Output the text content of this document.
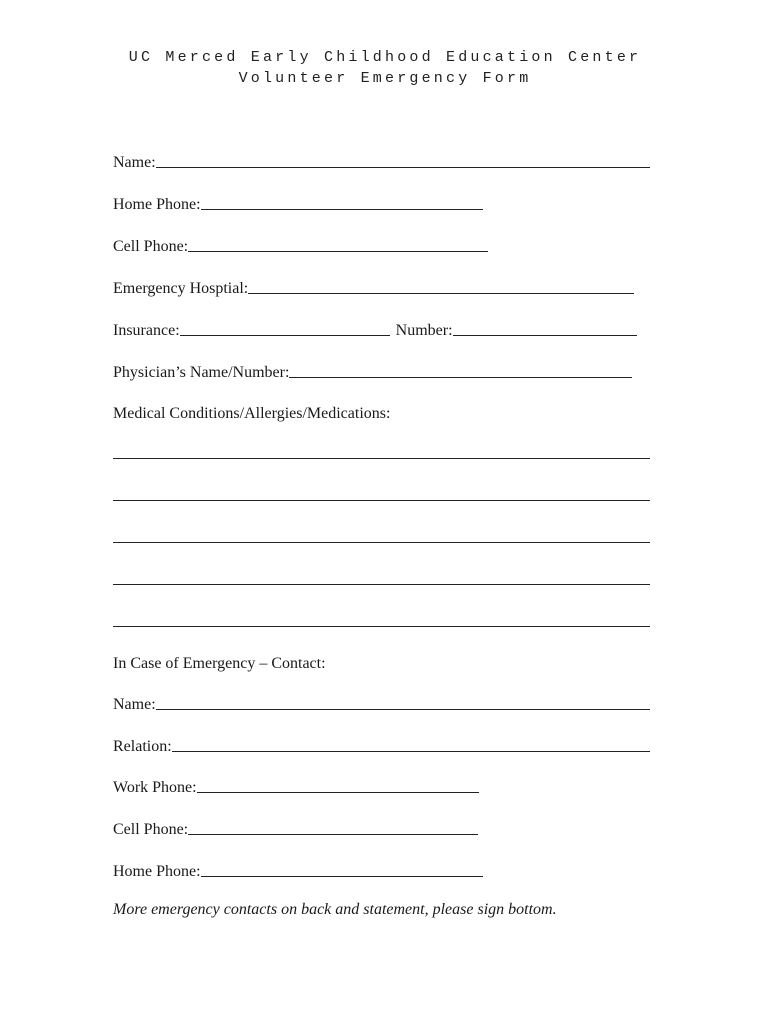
UC Merced Early Childhood Education Center
Volunteer Emergency Form
Name:
Home Phone:
Cell Phone:
Emergency Hosptial:
Insurance:	Number:
Physician’s Name/Number:
Medical Conditions/Allergies/Medications:
In Case of Emergency – Contact:
Name:
Relation:
Work Phone:
Cell Phone:
Home Phone:
More emergency contacts on back and statement, please sign bottom.
